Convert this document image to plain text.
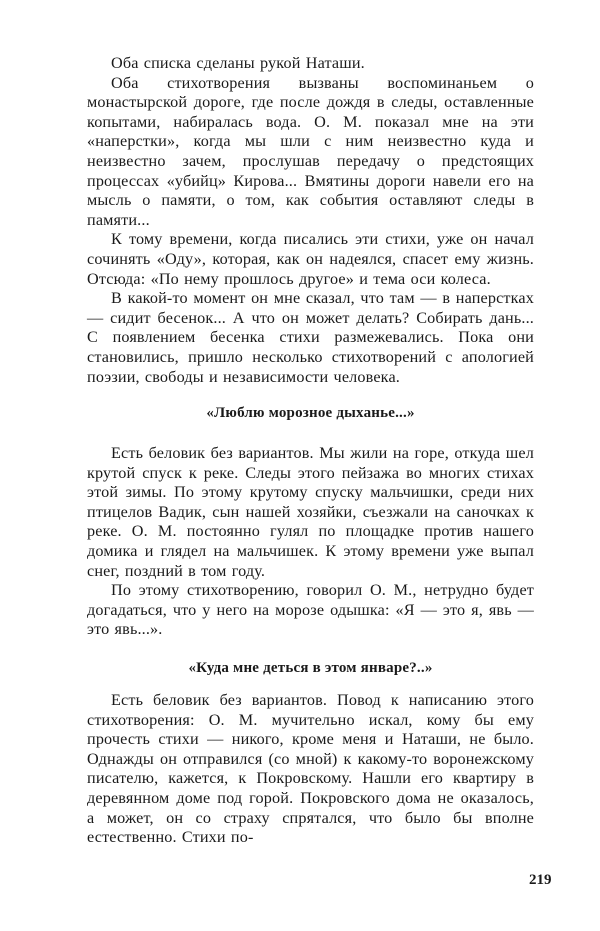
Оба списка сделаны рукой Наташи.

Оба стихотворения вызваны воспоминаньем о монастырской дороге, где после дождя в следы, оставленные копытами, набиралась вода. О. М. показал мне на эти «наперстки», когда мы шли с ним неизвестно куда и неизвестно зачем, прослушав передачу о предстоящих процессах «убийц» Кирова... Вмятины дороги навели его на мысль о памяти, о том, как события оставляют следы в памяти...

К тому времени, когда писались эти стихи, уже он начал сочинять «Оду», которая, как он надеялся, спасет ему жизнь. Отсюда: «По нему прошлось другое» и тема оси колеса.

В какой-то момент он мне сказал, что там — в наперстках — сидит бесенок... А что он может делать? Собирать дань... С появлением бесенка стихи размежевались. Пока они становились, пришло несколько стихотворений с апологией поэзии, свободы и независимости человека.

«Люблю морозное дыханье...»

Есть беловик без вариантов. Мы жили на горе, откуда шел крутой спуск к реке. Следы этого пейзажа во многих стихах этой зимы. По этому крутому спуску мальчишки, среди них птицелов Вадик, сын нашей хозяйки, съезжали на саночках к реке. О. М. постоянно гулял по площадке против нашего домика и глядел на мальчишек. К этому времени уже выпал снег, поздний в том году.

По этому стихотворению, говорил О. М., нетрудно будет догадаться, что у него на морозе одышка: «Я — это я, явь — это явь...».

«Куда мне деться в этом январе?..»

Есть беловик без вариантов. Повод к написанию этого стихотворения: О. М. мучительно искал, кому бы ему прочесть стихи — никого, кроме меня и Наташи, не было. Однажды он отправился (со мной) к какому-то воронежскому писателю, кажется, к Покровскому. Нашли его квартиру в деревянном доме под горой. Покровского дома не оказалось, а может, он со страху спрятался, что было бы вполне естественно. Стихи по-

219
